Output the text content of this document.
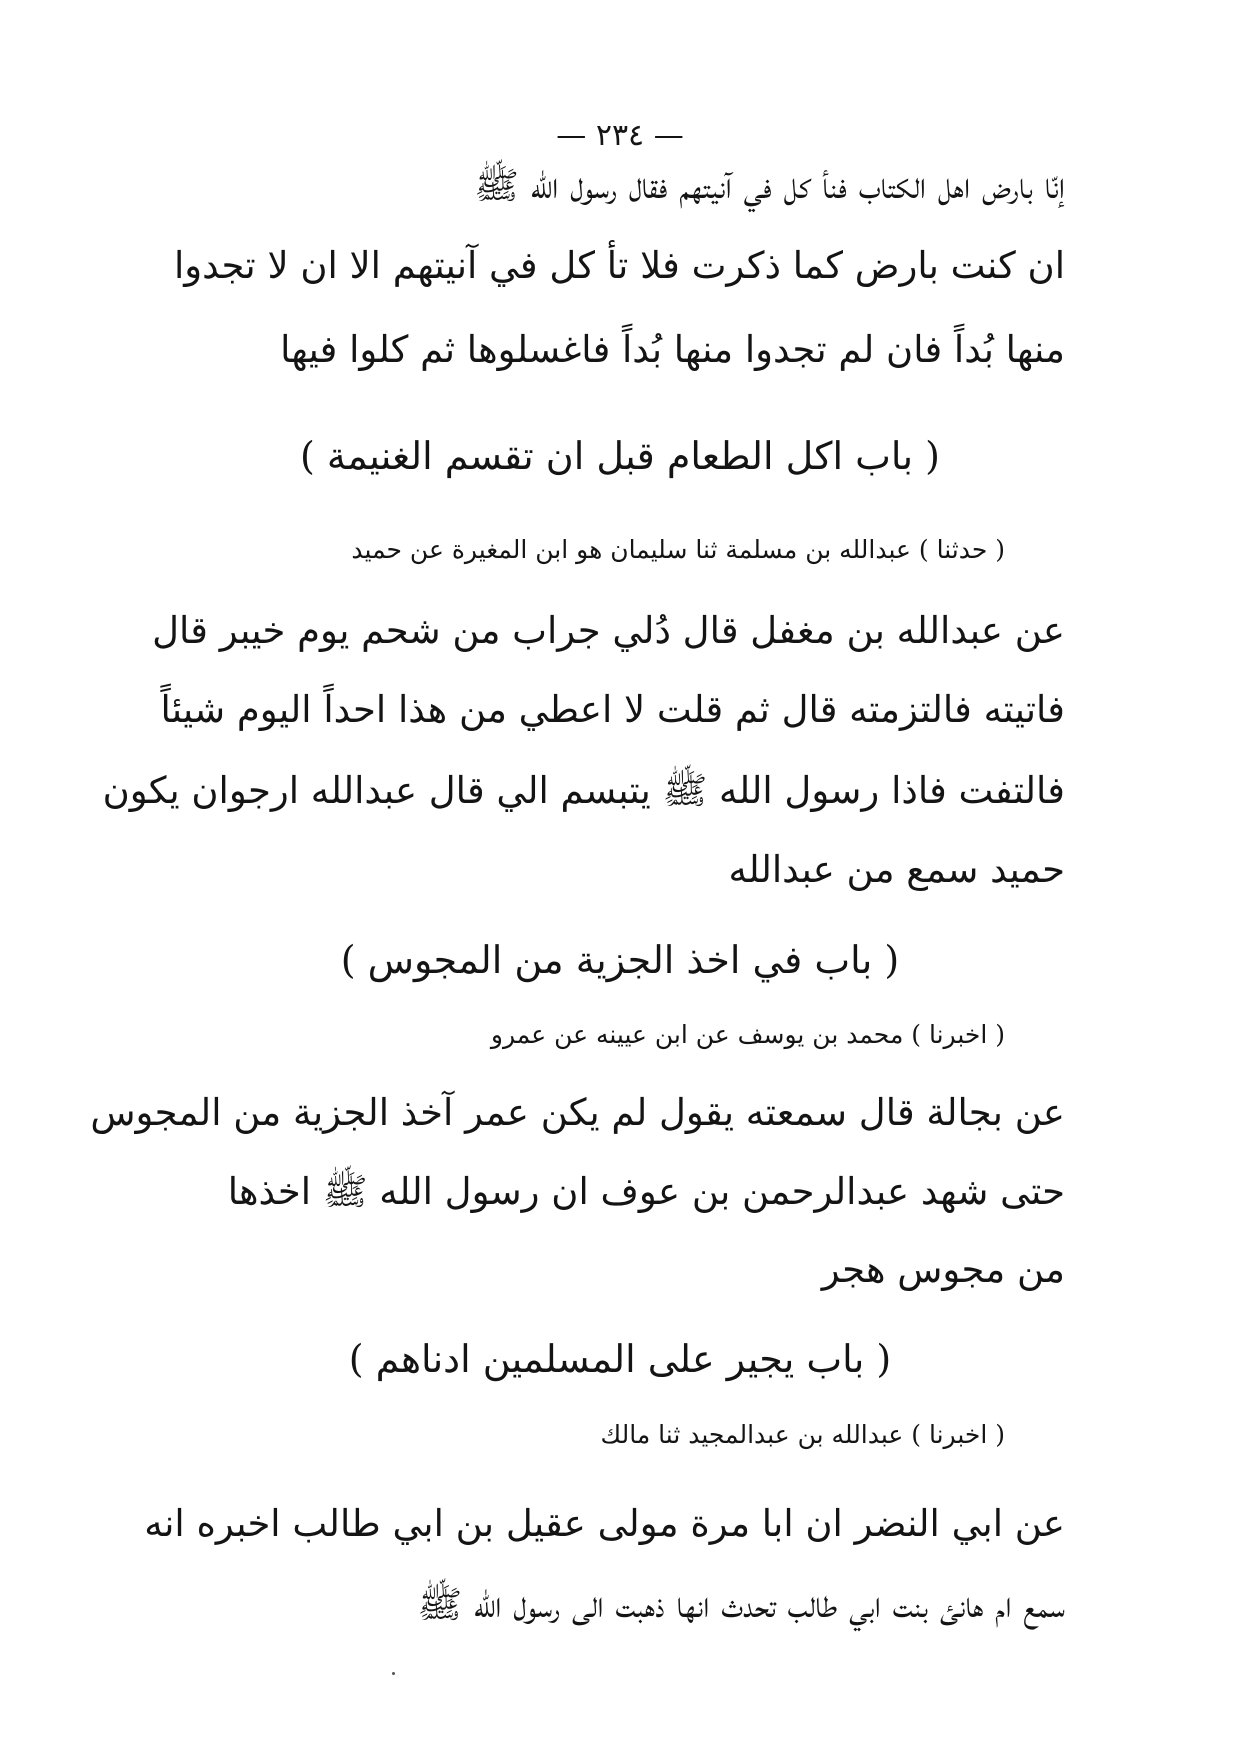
— ٢٣٤ —
إنّا بارض اهل الكتاب فنأ كل في آنيتهم فقال رسول الله ﷺ
ان كنت بارض كما ذكرت فلا تأ كل في آنيتهم الا ان لا تجدوا
منها بُداً فان لم تجدوا منها بُداً فاغسلوها ثم كلوا فيها
( باب اكل الطعام قبل ان تقسم الغنيمة )
( حدثنا ) عبدالله بن مسلمة ثنا سليمان هو ابن المغيرة عن حميد
عن عبدالله بن مغفل قال دُلي جراب من شحم يوم خيبر قال
فاتيته فالتزمته قال ثم قلت لا اعطي من هذا احداً اليوم شيئاً
فالتفت فاذا رسول الله ﷺ يتبسم الي قال عبدالله ارجوان يكون
حميد سمع من عبدالله
( باب في اخذ الجزية من المجوس )
( اخبرنا ) محمد بن يوسف عن ابن عيينه عن عمرو
عن بجالة قال سمعته يقول لم يكن عمر آخذ الجزية من المجوس
حتى شهد عبدالرحمن بن عوف ان رسول الله ﷺ اخذها
من مجوس هجر
( باب يجير على المسلمين ادناهم )
( اخبرنا ) عبدالله بن عبدالمجيد ثنا مالك
عن ابي النضر ان ابا مرة مولى عقيل بن ابي طالب اخبره انه
سمع ام هانئ بنت ابي طالب تحدث انها ذهبت الى رسول الله ﷺ
